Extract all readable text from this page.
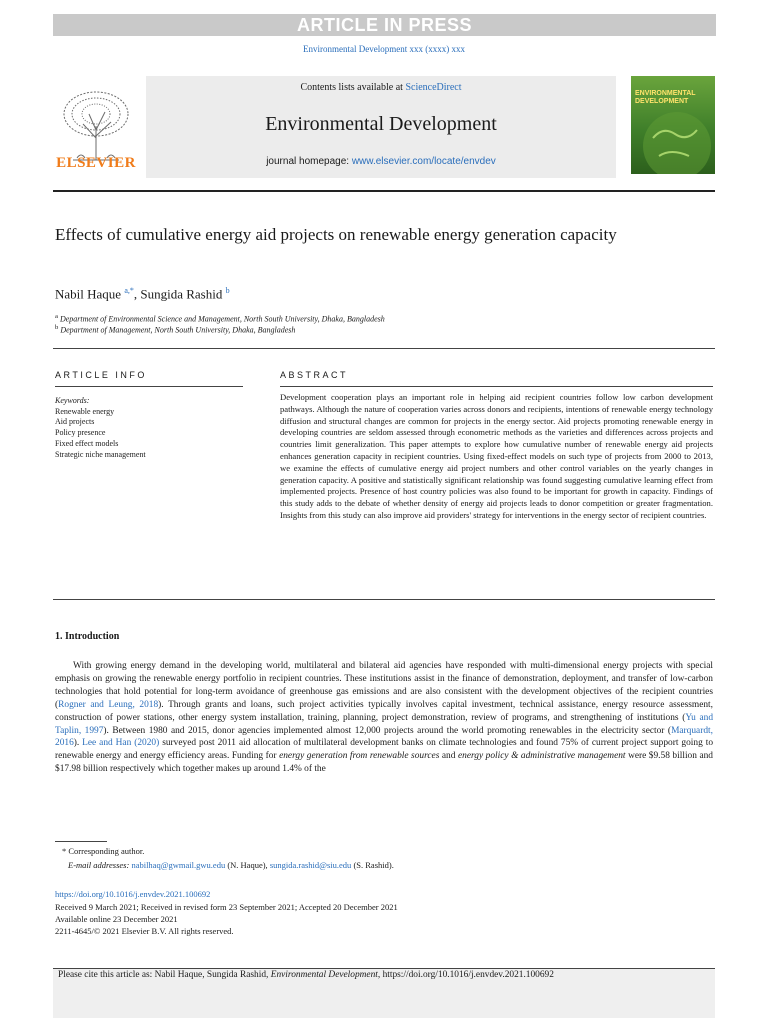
ARTICLE IN PRESS
Environmental Development xxx (xxxx) xxx
ELSEVIER
Contents lists available at ScienceDirect
Environmental Development
journal homepage: www.elsevier.com/locate/envdev
ENVIRONMENTAL DEVELOPMENT
Effects of cumulative energy aid projects on renewable energy generation capacity
Nabil Haque $^{a,*}$, Sungida Rashid $^b$
$^a$ Department of Environmental Science and Management, North South University, Dhaka, Bangladesh
$^b$ Department of Management, North South University, Dhaka, Bangladesh
ARTICLE INFO
Keywords:
Renewable energy
Aid projects
Policy presence
Fixed effect models
Strategic niche management
ABSTRACT
Development cooperation plays an important role in helping aid recipient countries follow low carbon development pathways. Although the nature of cooperation varies across donors and recipients, intentions of renewable energy technology diffusion and structural changes are common for projects in the energy sector. Aid projects promoting renewable energy in developing countries are seldom assessed through econometric methods as the varieties and differences across projects and countries limit generalization. This paper attempts to explore how cumulative number of renewable energy aid projects enhances generation capacity in recipient countries. Using fixed-effect models on such type of projects from 2000 to 2013, we examine the effects of cumulative energy aid project numbers and other control variables on the yearly changes in generation capacity. A positive and statistically significant relationship was found suggesting cumulative learning effect from implemented projects. Presence of host country policies was also found to be important for growth in capacity. Findings of this study adds to the debate of whether density of energy aid projects leads to donor competition or greater fragmentation. Insights from this study can also improve aid providers' strategy for interventions in the energy sector of recipient countries.
1. Introduction
With growing energy demand in the developing world, multilateral and bilateral aid agencies have responded with multi-dimensional energy projects with special emphasis on growing the renewable energy portfolio in recipient countries. These institutions assist in the finance of demonstration, deployment, and transfer of low-carbon technologies that hold potential for long-term avoidance of greenhouse gas emissions and are also consistent with the development objectives of the recipient countries (Rogner and Leung, 2018). Through grants and loans, such project activities typically involves capital investment, technical assistance, energy resource assessment, construction of power stations, other energy system installation, training, planning, project demonstration, review of programs, and strengthening of institutions (Yu and Taplin, 1997). Between 1980 and 2015, donor agencies implemented almost 12,000 projects around the world promoting renewables in the electricity sector (Marquardt, 2016). Lee and Han (2020) surveyed post 2011 aid allocation of multilateral development banks on climate technologies and found 75% of current project support going to renewable energy and energy efficiency areas. Funding for energy generation from renewable sources and energy policy & administrative management were $9.58 billion and $17.98 billion respectively which together makes up around 1.4% of the
* Corresponding author.
E-mail addresses: nabilhaq@gwmail.gwu.edu (N. Haque), sungida.rashid@siu.edu (S. Rashid).
https://doi.org/10.1016/j.envdev.2021.100692
Received 9 March 2021; Received in revised form 23 September 2021; Accepted 20 December 2021
Available online 23 December 2021
2211-4645/© 2021 Elsevier B.V. All rights reserved.
Please cite this article as: Nabil Haque, Sungida Rashid, Environmental Development, https://doi.org/10.1016/j.envdev.2021.100692
